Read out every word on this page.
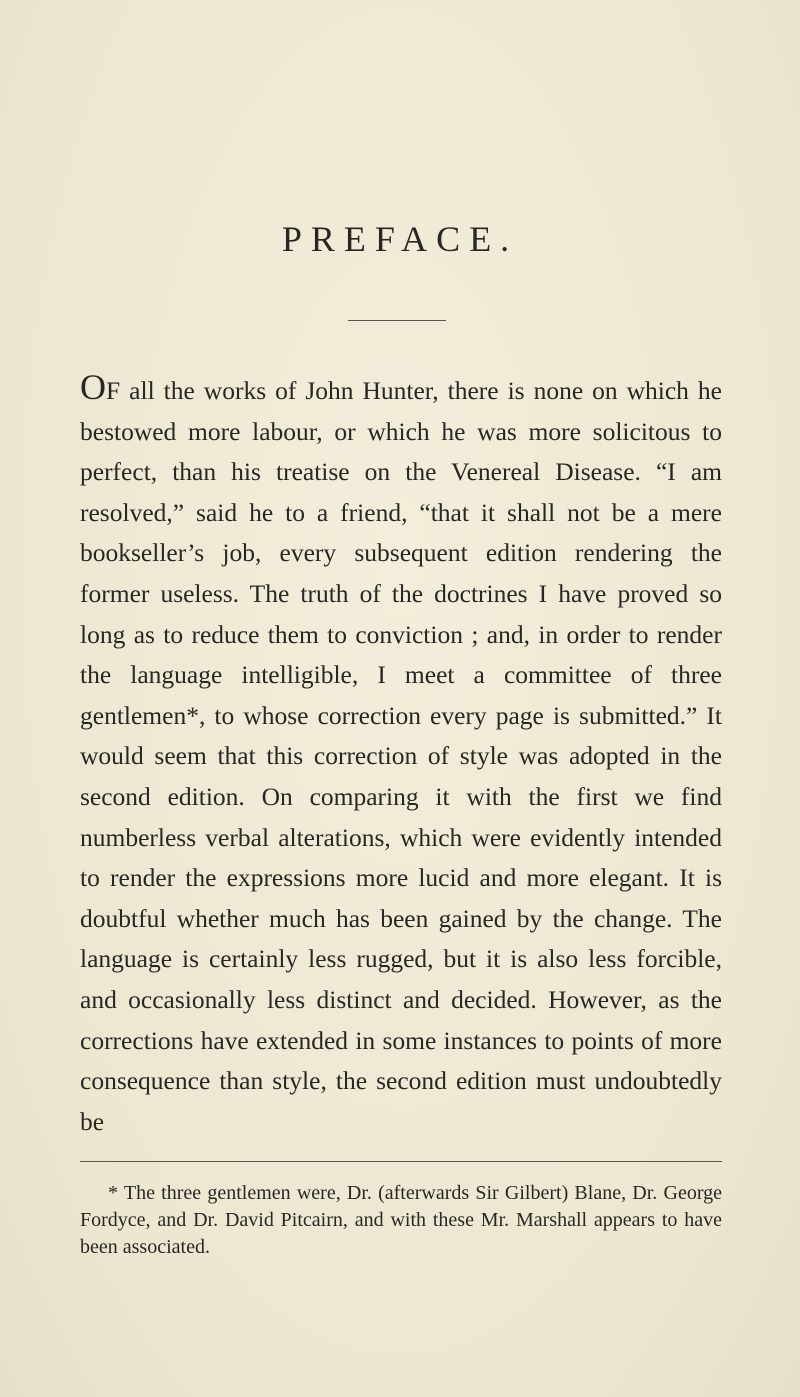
PREFACE.

OF all the works of John Hunter, there is none on which he bestowed more labour, or which he was more solicitous to perfect, than his treatise on the Venereal Disease. “I am resolved,” said he to a friend, “that it shall not be a mere bookseller’s job, every subsequent edition rendering the former useless. The truth of the doctrines I have proved so long as to reduce them to conviction ; and, in order to render the language intelligible, I meet a committee of three gentlemen*, to whose correction every page is submitted.” It would seem that this correction of style was adopted in the second edition. On comparing it with the first we find numberless verbal alterations, which were evidently intended to render the expressions more lucid and more elegant. It is doubtful whether much has been gained by the change. The language is certainly less rugged, but it is also less forcible, and occasionally less distinct and decided. However, as the corrections have extended in some instances to points of more consequence than style, the second edition must undoubtedly be

* The three gentlemen were, Dr. (afterwards Sir Gilbert) Blane, Dr. George Fordyce, and Dr. David Pitcairn, and with these Mr. Marshall appears to have been associated.
